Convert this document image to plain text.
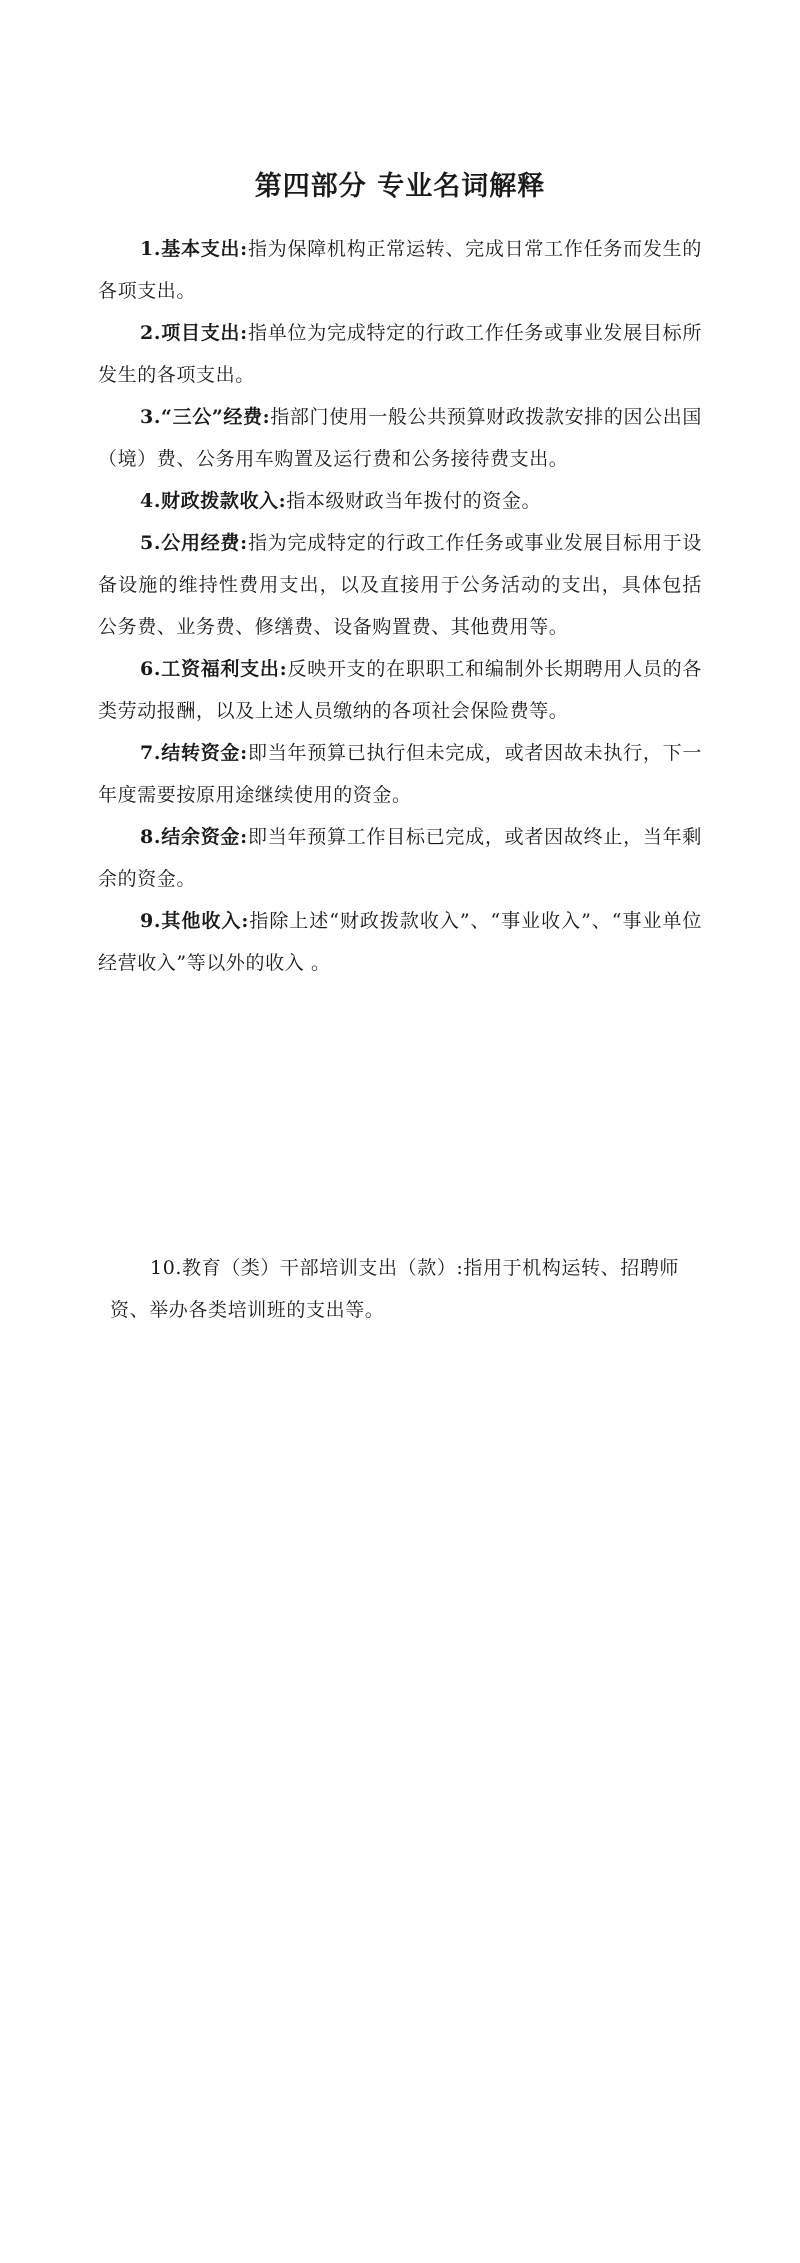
第四部分 专业名词解释

1.基本支出:指为保障机构正常运转、完成日常工作任务而发生的各项支出。

2.项目支出:指单位为完成特定的行政工作任务或事业发展目标所发生的各项支出。

3.“三公”经费:指部门使用一般公共预算财政拨款安排的因公出国（境）费、公务用车购置及运行费和公务接待费支出。

4.财政拨款收入:指本级财政当年拨付的资金。

5.公用经费:指为完成特定的行政工作任务或事业发展目标用于设备设施的维持性费用支出，以及直接用于公务活动的支出，具体包括公务费、业务费、修缮费、设备购置费、其他费用等。

6.工资福利支出:反映开支的在职职工和编制外长期聘用人员的各类劳动报酬，以及上述人员缴纳的各项社会保险费等。

7.结转资金:即当年预算已执行但未完成，或者因故未执行，下一年度需要按原用途继续使用的资金。

8.结余资金:即当年预算工作目标已完成，或者因故终止，当年剩余的资金。

9.其他收入:指除上述“财政拨款收入”、“事业收入”、“事业单位经营收入”等以外的收入 。

10.教育（类）干部培训支出（款）:指用于机构运转、招聘师资、举办各类培训班的支出等。
